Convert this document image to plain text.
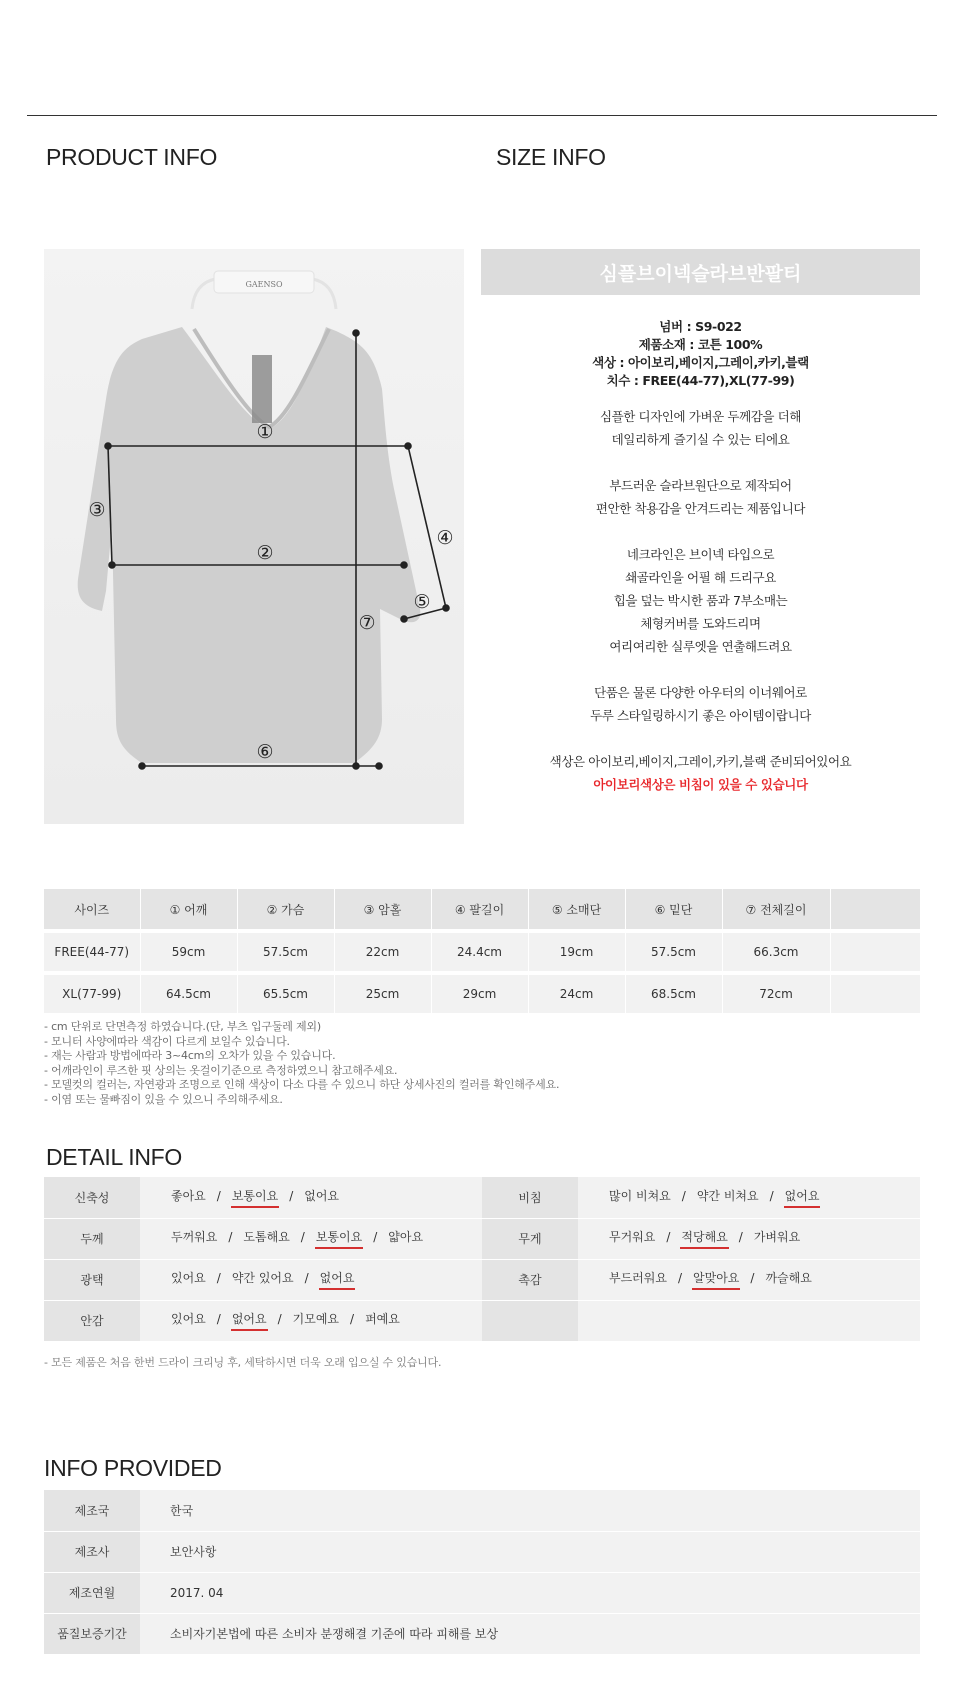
PRODUCT INFO	SIZE INFO
GAENSO
①
②
③
④
⑤
⑥
⑦
심플브이넥슬라브반팔티
넘버 : S9-022
제품소재 : 코튼 100%
색상 : 아이보리,베이지,그레이,카키,블랙
치수 : FREE(44-77),XL(77-99)
심플한 디자인에 가벼운 두께감을 더해
데일리하게 즐기실 수 있는 티에요
부드러운 슬라브원단으로 제작되어
편안한 착용감을 안겨드리는 제품입니다
네크라인은 브이넥 타입으로
쇄골라인을 어필 해 드리구요
힙을 덮는 박시한 품과 7부소매는
체형커버를 도와드리며
여리여리한 실루엣을 연출해드려요
단품은 물론 다양한 아우터의 이너웨어로
두루 스타일링하시기 좋은 아이템이랍니다
색상은 아이보리,베이지,그레이,카키,블랙 준비되어있어요
아이보리색상은 비침이 있을 수 있습니다
사이즈	① 어깨	② 가슴	③ 암홀	④ 팔길이	⑤ 소매단	⑥ 밑단	⑦ 전체길이	
FREE(44-77)	59cm	57.5cm	22cm	24.4cm	19cm	57.5cm	66.3cm	
XL(77-99)	64.5cm	65.5cm	25cm	29cm	24cm	68.5cm	72cm	
- cm 단위로 단면측정 하였습니다.(단, 부츠 입구둘레 제외)
- 모니터 사양에따라 색감이 다르게 보일수 있습니다.
- 재는 사람과 방법에따라 3~4cm의 오차가 있을 수 있습니다.
- 어깨라인이 루즈한 핏 상의는 옷걸이기준으로 측정하였으니 참고해주세요.
- 모델컷의 컬러는, 자연광과 조명으로 인해 색상이 다소 다를 수 있으니 하단 상세사진의 컬러를 확인해주세요.
- 이염 또는 물빠짐이 있을 수 있으니 주의해주세요.
DETAIL INFO
신축성	좋아요 / 보통이요 / 없어요	비침	많이 비쳐요 / 약간 비쳐요 / 없어요
두께	두꺼워요 / 도톰해요 / 보통이요 / 얇아요	무게	무거워요 / 적당해요 / 가벼워요
광택	있어요 / 약간 있어요 / 없어요	촉감	부드러워요 / 알맞아요 / 까슬해요
안감	있어요 / 없어요 / 기모예요 / 퍼예요		
- 모든 제품은 처음 한번 드라이 크리닝 후, 세탁하시면 더욱 오래 입으실 수 있습니다.
INFO PROVIDED
제조국	한국
제조사	보안사항
제조연월	2017. 04
품질보증기간	소비자기본법에 따른 소비자 분쟁해결 기준에 따라 피해를 보상
